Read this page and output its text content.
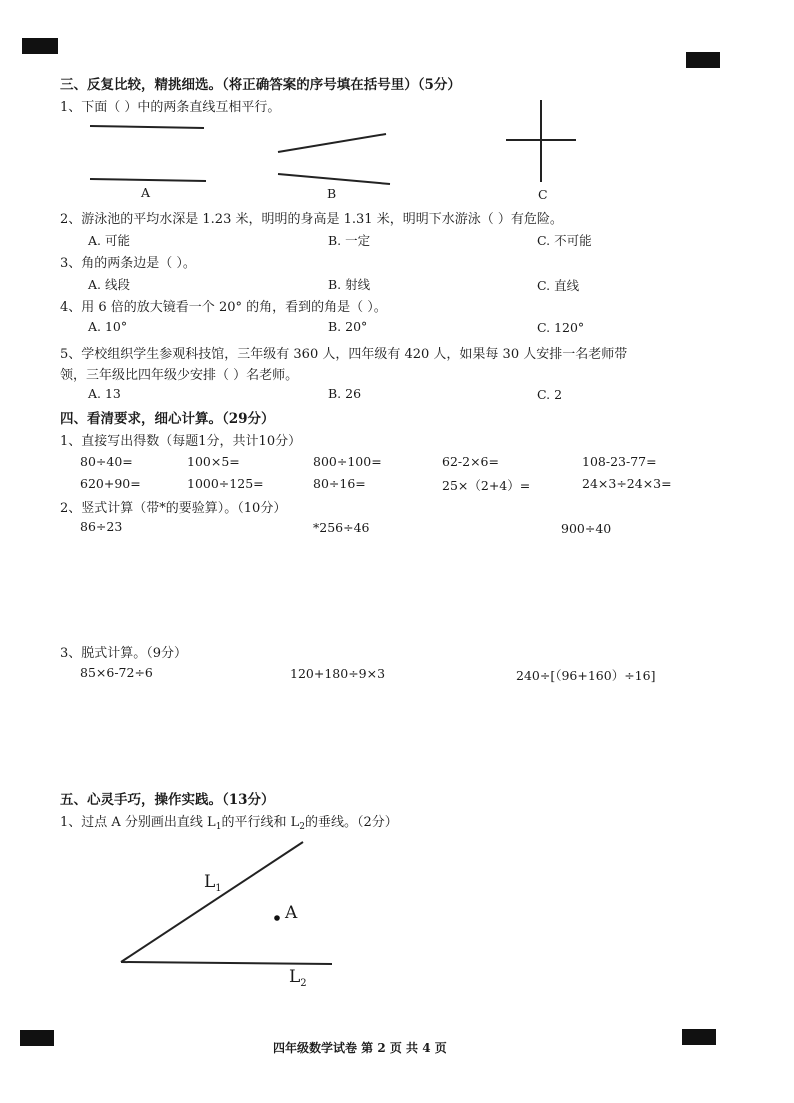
三、反复比较，精挑细选。（将正确答案的序号填在括号里）（5分）
1、下面（ ）中的两条直线互相平行。
A	B	C
2、游泳池的平均水深是 1.23 米，明明的身高是 1.31 米，明明下水游泳（ ）有危险。
A. 可能	B. 一定	C. 不可能
3、角的两条边是（ ）。
A. 线段	B. 射线	C. 直线
4、用 6 倍的放大镜看一个 20° 的角，看到的角是（ ）。
A. 10°	B. 20°	C. 120°
5、学校组织学生参观科技馆，三年级有 360 人，四年级有 420 人，如果每 30 人安排一名老师带
领，三年级比四年级少安排（ ）名老师。
A. 13	B. 26	C. 2
四、看清要求，细心计算。（29分）
1、直接写出得数（每题1分，共计10分）
80÷40=	100×5=	800÷100=	62-2×6=	108-23-77=
620+90=	1000÷125=	80÷16=	25×（2+4）=	24×3÷24×3=
2、竖式计算（带*的要验算）。（10分）
86÷23	*256÷46	900÷40
3、脱式计算。（9分）
85×6-72÷6	120+180÷9×3	240÷[（96+160）÷16]
五、心灵手巧，操作实践。（13分）
1、过点 A 分别画出直线 $L_1$的平行线和 $L_2$的垂线。（2分）
$L_1$
A
$L_2$
四年级数学试卷 第 2 页 共 4 页
